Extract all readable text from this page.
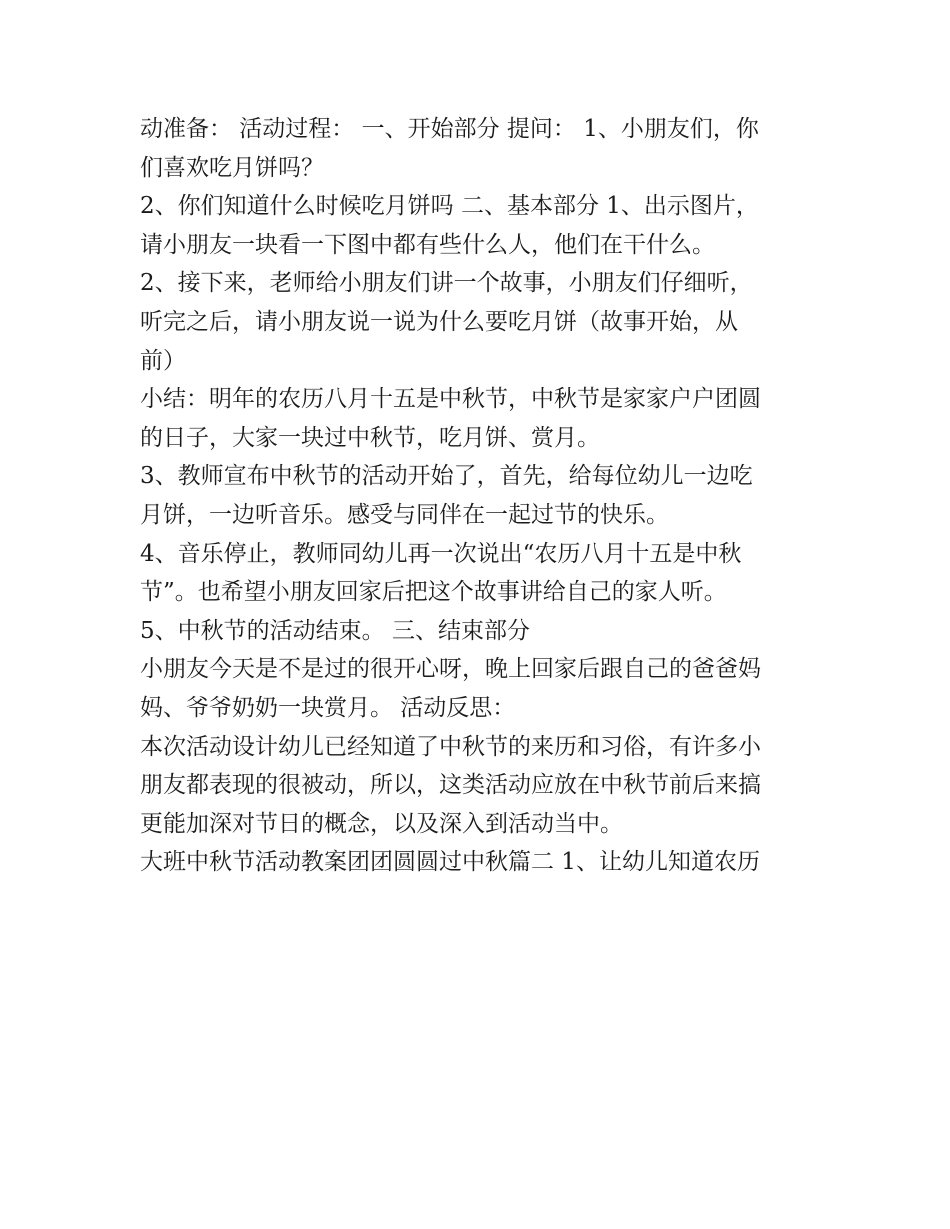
动准备： 活动过程： 一、开始部分 提问： 1、小朋友们，你
们喜欢吃月饼吗？
2、你们知道什么时候吃月饼吗 二、基本部分 1、出示图片，
请小朋友一块看一下图中都有些什么人，他们在干什么。
2、接下来，老师给小朋友们讲一个故事，小朋友们仔细听，
听完之后，请小朋友说一说为什么要吃月饼（故事开始，从
前）
小结：明年的农历八月十五是中秋节，中秋节是家家户户团圆
的日子，大家一块过中秋节，吃月饼、赏月。
3、教师宣布中秋节的活动开始了，首先，给每位幼儿一边吃
月饼，一边听音乐。感受与同伴在一起过节的快乐。
4、音乐停止，教师同幼儿再一次说出“农历八月十五是中秋
节”。也希望小朋友回家后把这个故事讲给自己的家人听。
5、中秋节的活动结束。 三、结束部分
小朋友今天是不是过的很开心呀，晚上回家后跟自己的爸爸妈
妈、爷爷奶奶一块赏月。 活动反思：
本次活动设计幼儿已经知道了中秋节的来历和习俗，有许多小
朋友都表现的很被动，所以，这类活动应放在中秋节前后来搞
更能加深对节日的概念，以及深入到活动当中。
大班中秋节活动教案团团圆圆过中秋篇二 1、让幼儿知道农历
